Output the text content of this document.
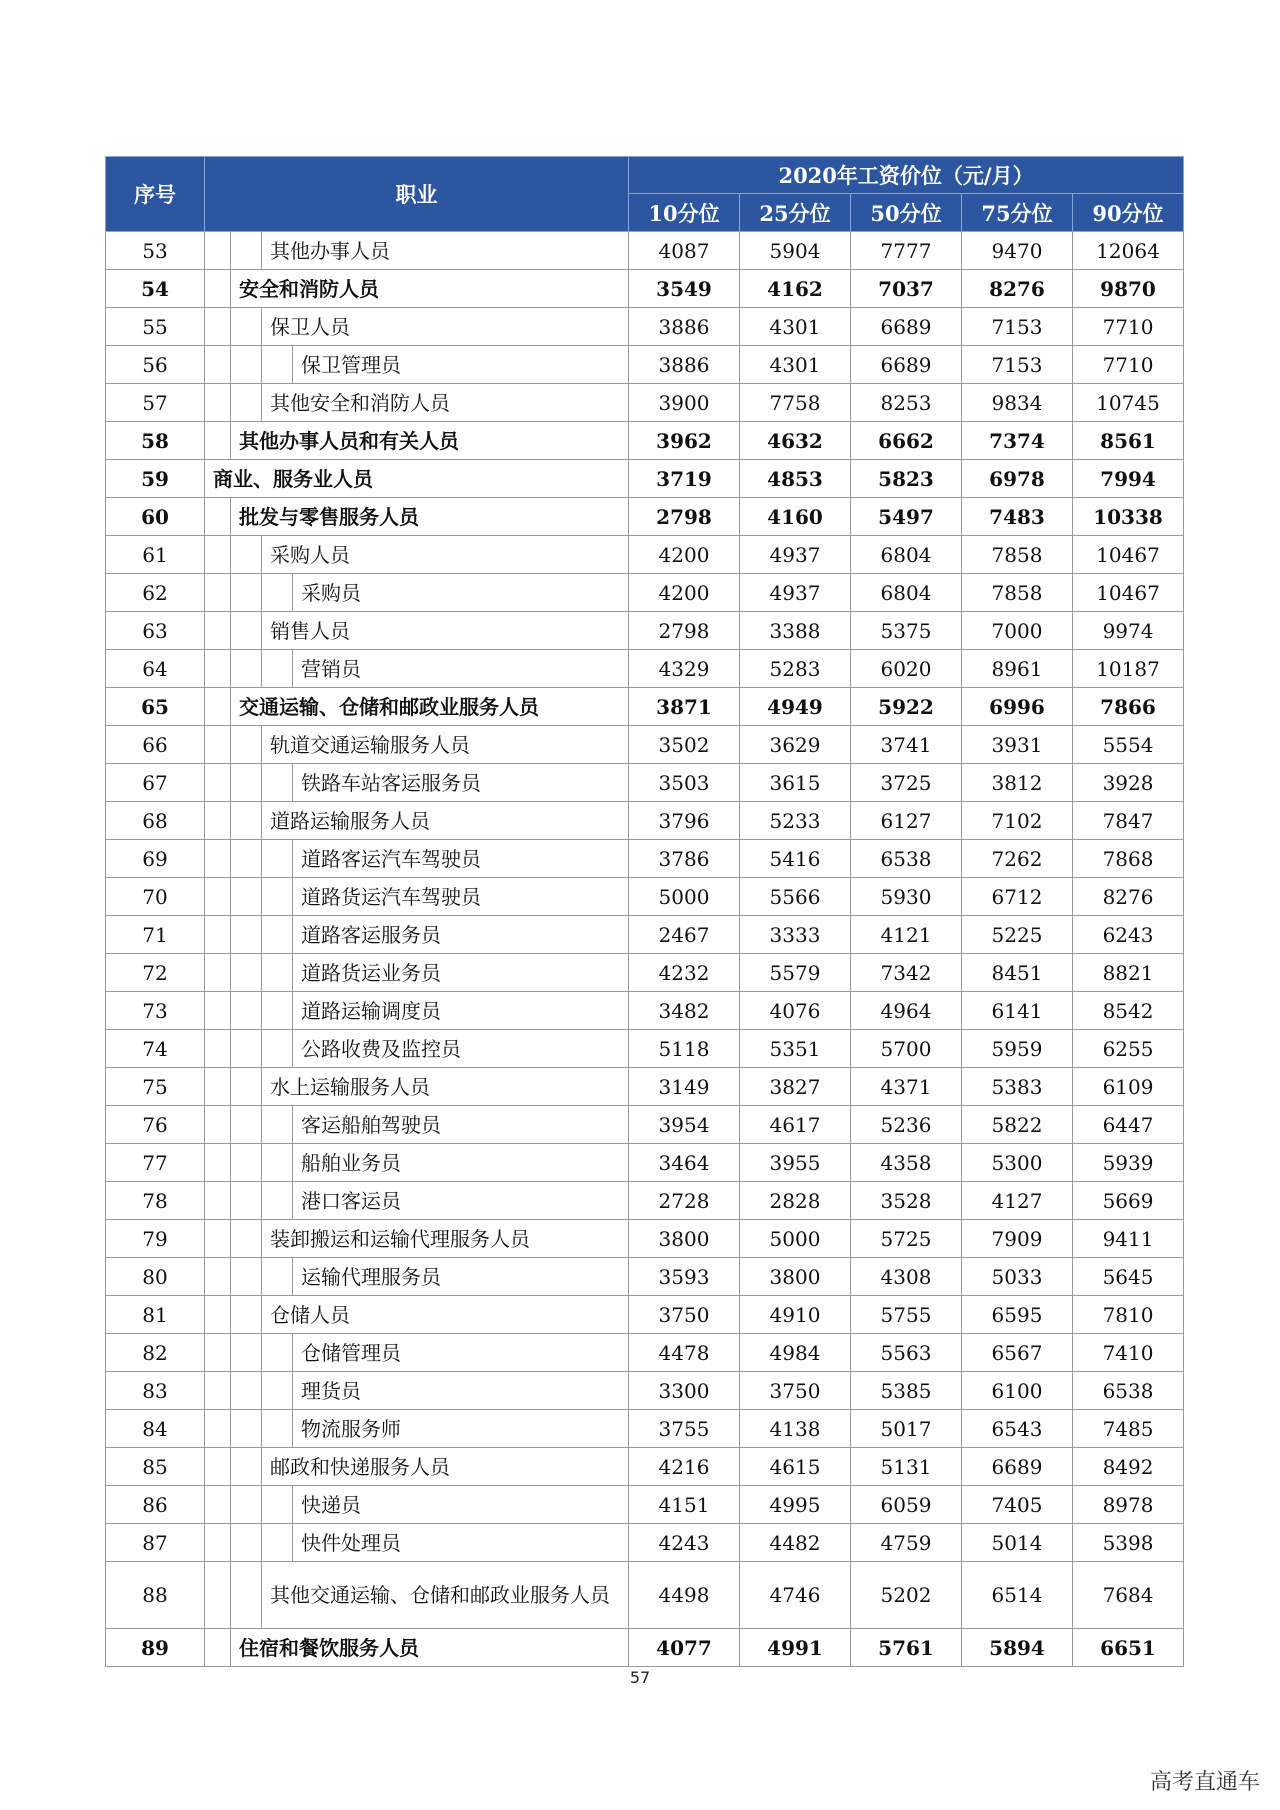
序号	职业				2020年工资价位（元/月）				
					10分位	25分位	50分位	75分位	90分位
53			其他办事人员		4087	5904	7777	9470	12064
54		安全和消防人员			3549	4162	7037	8276	9870
55			保卫人员		3886	4301	6689	7153	7710
56				保卫管理员	3886	4301	6689	7153	7710
57			其他安全和消防人员		3900	7758	8253	9834	10745
58		其他办事人员和有关人员			3962	4632	6662	7374	8561
59	商业、服务业人员				3719	4853	5823	6978	7994
60		批发与零售服务人员			2798	4160	5497	7483	10338
61			采购人员		4200	4937	6804	7858	10467
62				采购员	4200	4937	6804	7858	10467
63			销售人员		2798	3388	5375	7000	9974
64				营销员	4329	5283	6020	8961	10187
65		交通运输、仓储和邮政业服务人员			3871	4949	5922	6996	7866
66			轨道交通运输服务人员		3502	3629	3741	3931	5554
67				铁路车站客运服务员	3503	3615	3725	3812	3928
68			道路运输服务人员		3796	5233	6127	7102	7847
69				道路客运汽车驾驶员	3786	5416	6538	7262	7868
70				道路货运汽车驾驶员	5000	5566	5930	6712	8276
71				道路客运服务员	2467	3333	4121	5225	6243
72				道路货运业务员	4232	5579	7342	8451	8821
73				道路运输调度员	3482	4076	4964	6141	8542
74				公路收费及监控员	5118	5351	5700	5959	6255
75			水上运输服务人员		3149	3827	4371	5383	6109
76				客运船舶驾驶员	3954	4617	5236	5822	6447
77				船舶业务员	3464	3955	4358	5300	5939
78				港口客运员	2728	2828	3528	4127	5669
79			装卸搬运和运输代理服务人员		3800	5000	5725	7909	9411
80				运输代理服务员	3593	3800	4308	5033	5645
81			仓储人员		3750	4910	5755	6595	7810
82				仓储管理员	4478	4984	5563	6567	7410
83				理货员	3300	3750	5385	6100	6538
84				物流服务师	3755	4138	5017	6543	7485
85			邮政和快递服务人员		4216	4615	5131	6689	8492
86				快递员	4151	4995	6059	7405	8978
87				快件处理员	4243	4482	4759	5014	5398
88			其他交通运输、仓储和邮政业服务人员		4498	4746	5202	6514	7684
89		住宿和餐饮服务人员			4077	4991	5761	5894	6651
57
高考直通车
